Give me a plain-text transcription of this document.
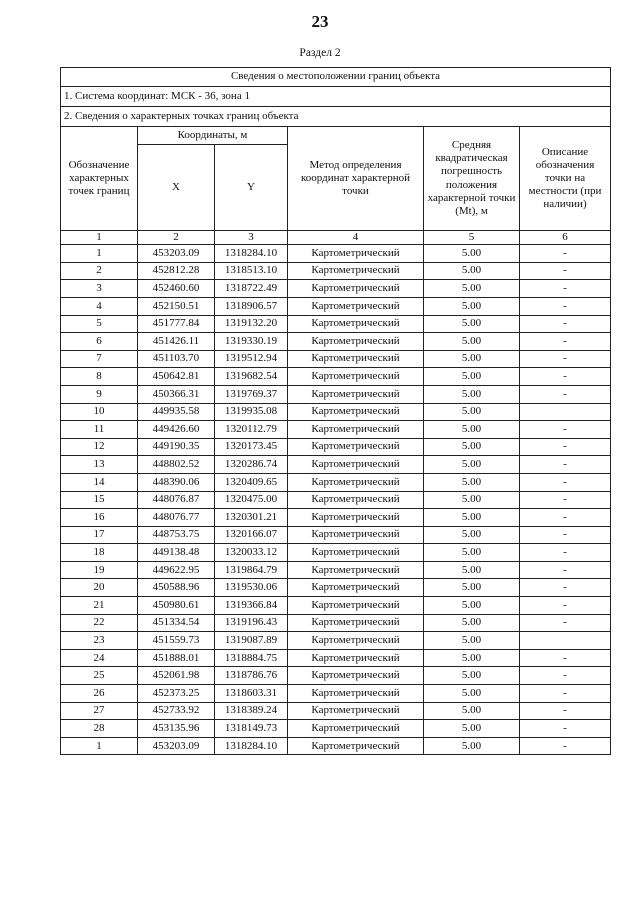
23
Раздел 2
Сведения о местоположении границ объекта					
1. Система координат: МСК - 36, зона 1					
2. Сведения о характерных точках границ объекта					
Обозначение характерных точек границ	Координаты, м		Метод определения координат характерной точки	Средняя квадратическая погрешность положения характерной точки (Mt), м	Описание обозначения точки на местности (при наличии)
	X	Y			
1	2	3	4	5	6
1	453203.09	1318284.10	Картометрический	5.00	-
2	452812.28	1318513.10	Картометрический	5.00	-
3	452460.60	1318722.49	Картометрический	5.00	-
4	452150.51	1318906.57	Картометрический	5.00	-
5	451777.84	1319132.20	Картометрический	5.00	-
6	451426.11	1319330.19	Картометрический	5.00	-
7	451103.70	1319512.94	Картометрический	5.00	-
8	450642.81	1319682.54	Картометрический	5.00	-
9	450366.31	1319769.37	Картометрический	5.00	-
10	449935.58	1319935.08	Картометрический	5.00	
11	449426.60	1320112.79	Картометрический	5.00	-
12	449190.35	1320173.45	Картометрический	5.00	-
13	448802.52	1320286.74	Картометрический	5.00	-
14	448390.06	1320409.65	Картометрический	5.00	-
15	448076.87	1320475.00	Картометрический	5.00	-
16	448076.77	1320301.21	Картометрический	5.00	-
17	448753.75	1320166.07	Картометрический	5.00	-
18	449138.48	1320033.12	Картометрический	5.00	-
19	449622.95	1319864.79	Картометрический	5.00	-
20	450588.96	1319530.06	Картометрический	5.00	-
21	450980.61	1319366.84	Картометрический	5.00	-
22	451334.54	1319196.43	Картометрический	5.00	-
23	451559.73	1319087.89	Картометрический	5.00	
24	451888.01	1318884.75	Картометрический	5.00	-
25	452061.98	1318786.76	Картометрический	5.00	-
26	452373.25	1318603.31	Картометрический	5.00	-
27	452733.92	1318389.24	Картометрический	5.00	-
28	453135.96	1318149.73	Картометрический	5.00	-
1	453203.09	1318284.10	Картометрический	5.00	-
